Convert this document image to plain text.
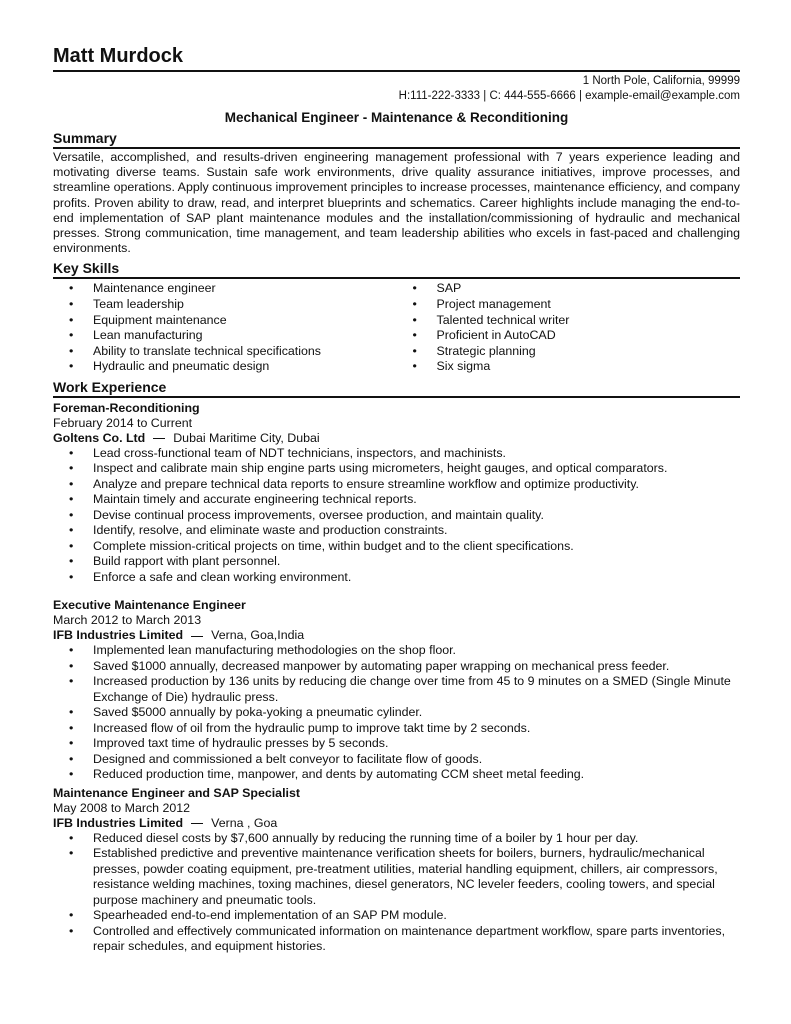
Matt Murdock
1 North Pole, California, 99999
H:111-222-3333 | C: 444-555-6666 | example-email@example.com
Mechanical Engineer - Maintenance & Reconditioning
Summary
Versatile, accomplished, and results-driven engineering management professional with 7 years experience leading and motivating diverse teams. Sustain safe work environments, drive quality assurance initiatives, improve processes, and streamline operations. Apply continuous improvement principles to increase processes, maintenance efficiency, and company profits. Proven ability to draw, read, and interpret blueprints and schematics. Career highlights include managing the end-to-end implementation of SAP plant maintenance modules and the installation/commissioning of hydraulic and mechanical presses. Strong communication, time management, and team leadership abilities who excels in fast-paced and challenging environments.
Key Skills
• Maintenance engineer
• Team leadership
• Equipment maintenance
• Lean manufacturing
• Ability to translate technical specifications
• Hydraulic and pneumatic design
• SAP
• Project management
• Talented technical writer
• Proficient in AutoCAD
• Strategic planning
• Six sigma
Work Experience
Foreman-Reconditioning
February 2014 to Current
Goltens Co. Ltd Dubai Maritime City, Dubai
• Lead cross-functional team of NDT technicians, inspectors, and machinists.
• Inspect and calibrate main ship engine parts using micrometers, height gauges, and optical comparators.
• Analyze and prepare technical data reports to ensure streamline workflow and optimize productivity.
• Maintain timely and accurate engineering technical reports.
• Devise continual process improvements, oversee production, and maintain quality.
• Identify, resolve, and eliminate waste and production constraints.
• Complete mission-critical projects on time, within budget and to the client specifications.
• Build rapport with plant personnel.
• Enforce a safe and clean working environment.
Executive Maintenance Engineer
March 2012 to March 2013
IFB Industries Limited Verna, Goa,India
• Implemented lean manufacturing methodologies on the shop floor.
• Saved $1000 annually, decreased manpower by automating paper wrapping on mechanical press feeder.
• Increased production by 136 units by reducing die change over time from 45 to 9 minutes on a SMED (Single Minute Exchange of Die) hydraulic press.
• Saved $5000 annually by poka-yoking a pneumatic cylinder.
• Increased flow of oil from the hydraulic pump to improve takt time by 2 seconds.
• Improved taxt time of hydraulic presses by 5 seconds.
• Designed and commissioned a belt conveyor to facilitate flow of goods.
• Reduced production time, manpower, and dents by automating CCM sheet metal feeding.
Maintenance Engineer and SAP Specialist
May 2008 to March 2012
IFB Industries Limited Verna , Goa
• Reduced diesel costs by $7,600 annually by reducing the running time of a boiler by 1 hour per day.
• Established predictive and preventive maintenance verification sheets for boilers, burners, hydraulic/mechanical presses, powder coating equipment, pre-treatment utilities, material handling equipment, chillers, air compressors, resistance welding machines, toxing machines, diesel generators, NC leveler feeders, cooling towers, and special purpose machinery and pneumatic tools.
• Spearheaded end-to-end implementation of an SAP PM module.
• Controlled and effectively communicated information on maintenance department workflow, spare parts inventories, repair schedules, and equipment histories.
